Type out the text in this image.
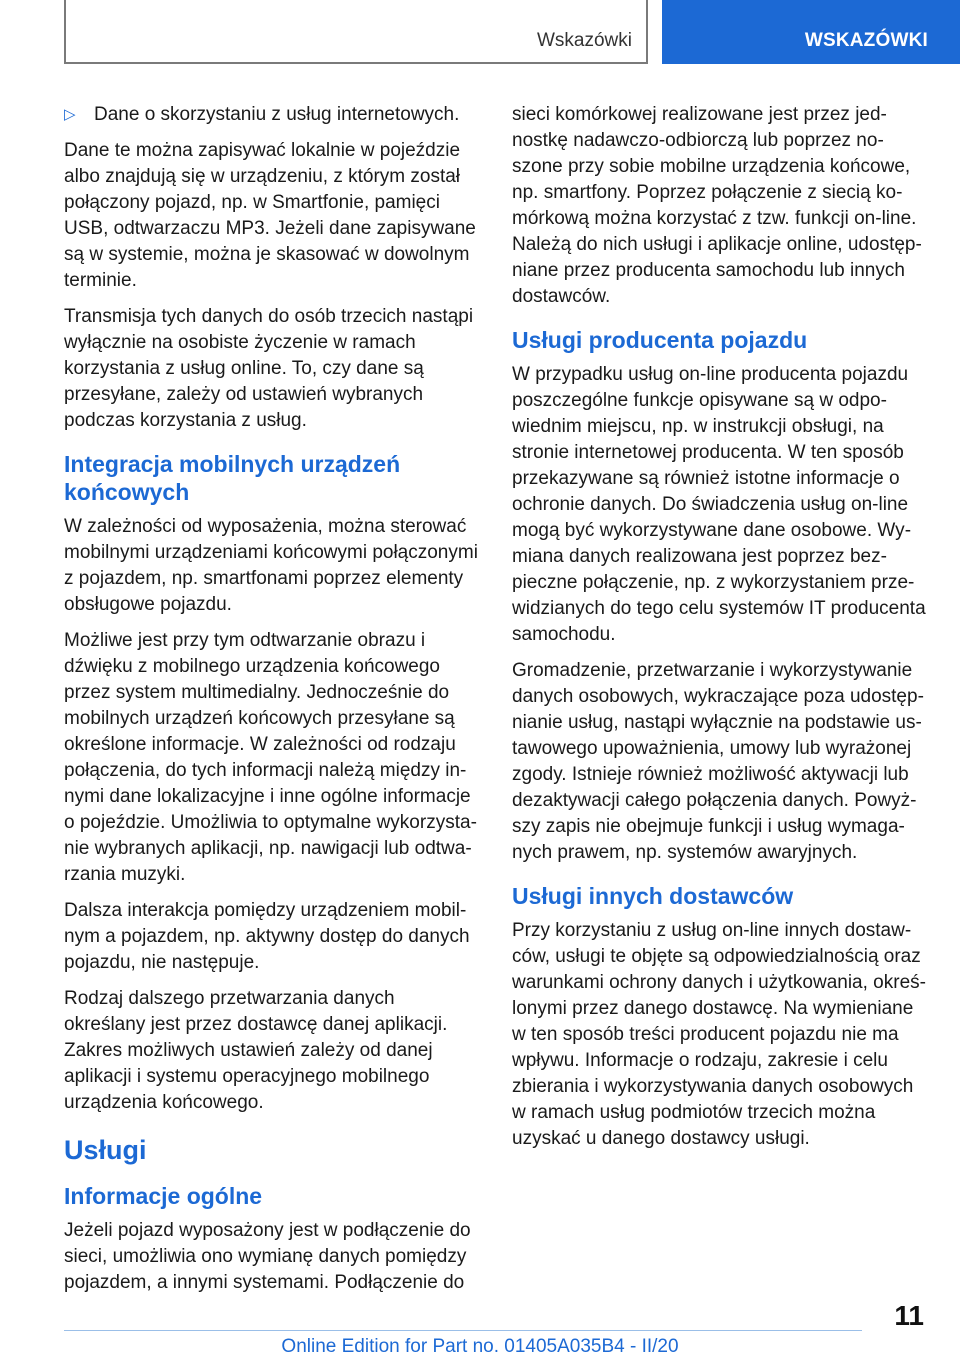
Wskazówki	WSKAZÓWKI
▷ Dane o skorzystaniu z usług internetowych.

Dane te można zapisywać lokalnie w pojeździe albo znajdują się w urządzeniu, z którym został połączony pojazd, np. w Smartfonie, pamięci USB, odtwarzaczu MP3. Jeżeli dane zapisywane są w systemie, można je skasować w dowolnym terminie.

Transmisja tych danych do osób trzecich nastąpi wyłącznie na osobiste życzenie w ramach korzystania z usług online. To, czy dane są przesyłane, zależy od ustawień wybranych podczas korzystania z usług.

Integracja mobilnych urządzeń końcowych

W zależności od wyposażenia, można sterować mobilnymi urządzeniami końcowymi połączonymi z pojazdem, np. smartfonami poprzez elementy obsługowe pojazdu.

Możliwe jest przy tym odtwarzanie obrazu i dźwięku z mobilnego urządzenia końcowego przez system multimedialny. Jednocześnie do mobilnych urządzeń końcowych przesyłane są określone informacje. W zależności od rodzaju połączenia, do tych informacji należą między innymi dane lokalizacyjne i inne ogólne informacje o pojeździe. Umożliwia to optymalne wykorzystanie wybranych aplikacji, np. nawigacji lub odtwarzania muzyki.

Dalsza interakcja pomiędzy urządzeniem mobilnym a pojazdem, np. aktywny dostęp do danych pojazdu, nie następuje.

Rodzaj dalszego przetwarzania danych określany jest przez dostawcę danej aplikacji. Zakres możliwych ustawień zależy od danej aplikacji i systemu operacyjnego mobilnego urządzenia końcowego.

Usługi
Informacje ogólne

Jeżeli pojazd wyposażony jest w podłączenie do sieci, umożliwia ono wymianę danych pomiędzy pojazdem, a innymi systemami. Podłączenie do

sieci komórkowej realizowane jest przez jednostkę nadawczo-odbiorczą lub poprzez noszone przy sobie mobilne urządzenia końcowe, np. smartfony. Poprzez połączenie z siecią komórkową można korzystać z tzw. funkcji on-line. Należą do nich usługi i aplikacje online, udostępniane przez producenta samochodu lub innych dostawców.

Usługi producenta pojazdu

W przypadku usług on-line producenta pojazdu poszczególne funkcje opisywane są w odpowiednim miejscu, np. w instrukcji obsługi, na stronie internetowej producenta. W ten sposób przekazywane są również istotne informacje o ochronie danych. Do świadczenia usług on-line mogą być wykorzystywane dane osobowe. Wymiana danych realizowana jest poprzez bezpieczne połączenie, np. z wykorzystaniem przewidzianych do tego celu systemów IT producenta samochodu.

Gromadzenie, przetwarzanie i wykorzystywanie danych osobowych, wykraczające poza udostępnianie usług, nastąpi wyłącznie na podstawie ustawowego upoważnienia, umowy lub wyrażonej zgody. Istnieje również możliwość aktywacji lub dezaktywacji całego połączenia danych. Powyższy zapis nie obejmuje funkcji i usług wymaganych prawem, np. systemów awaryjnych.

Usługi innych dostawców

Przy korzystaniu z usług on-line innych dostawców, usługi te objęte są odpowiedzialnością oraz warunkami ochrony danych i użytkowania, określonymi przez danego dostawcę. Na wymieniane w ten sposób treści producent pojazdu nie ma wpływu. Informacje o rodzaju, zakresie i celu zbierania i wykorzystywania danych osobowych w ramach usług podmiotów trzecich można uzyskać u danego dostawcy usługi.

11
Online Edition for Part no. 01405A035B4 - II/20
